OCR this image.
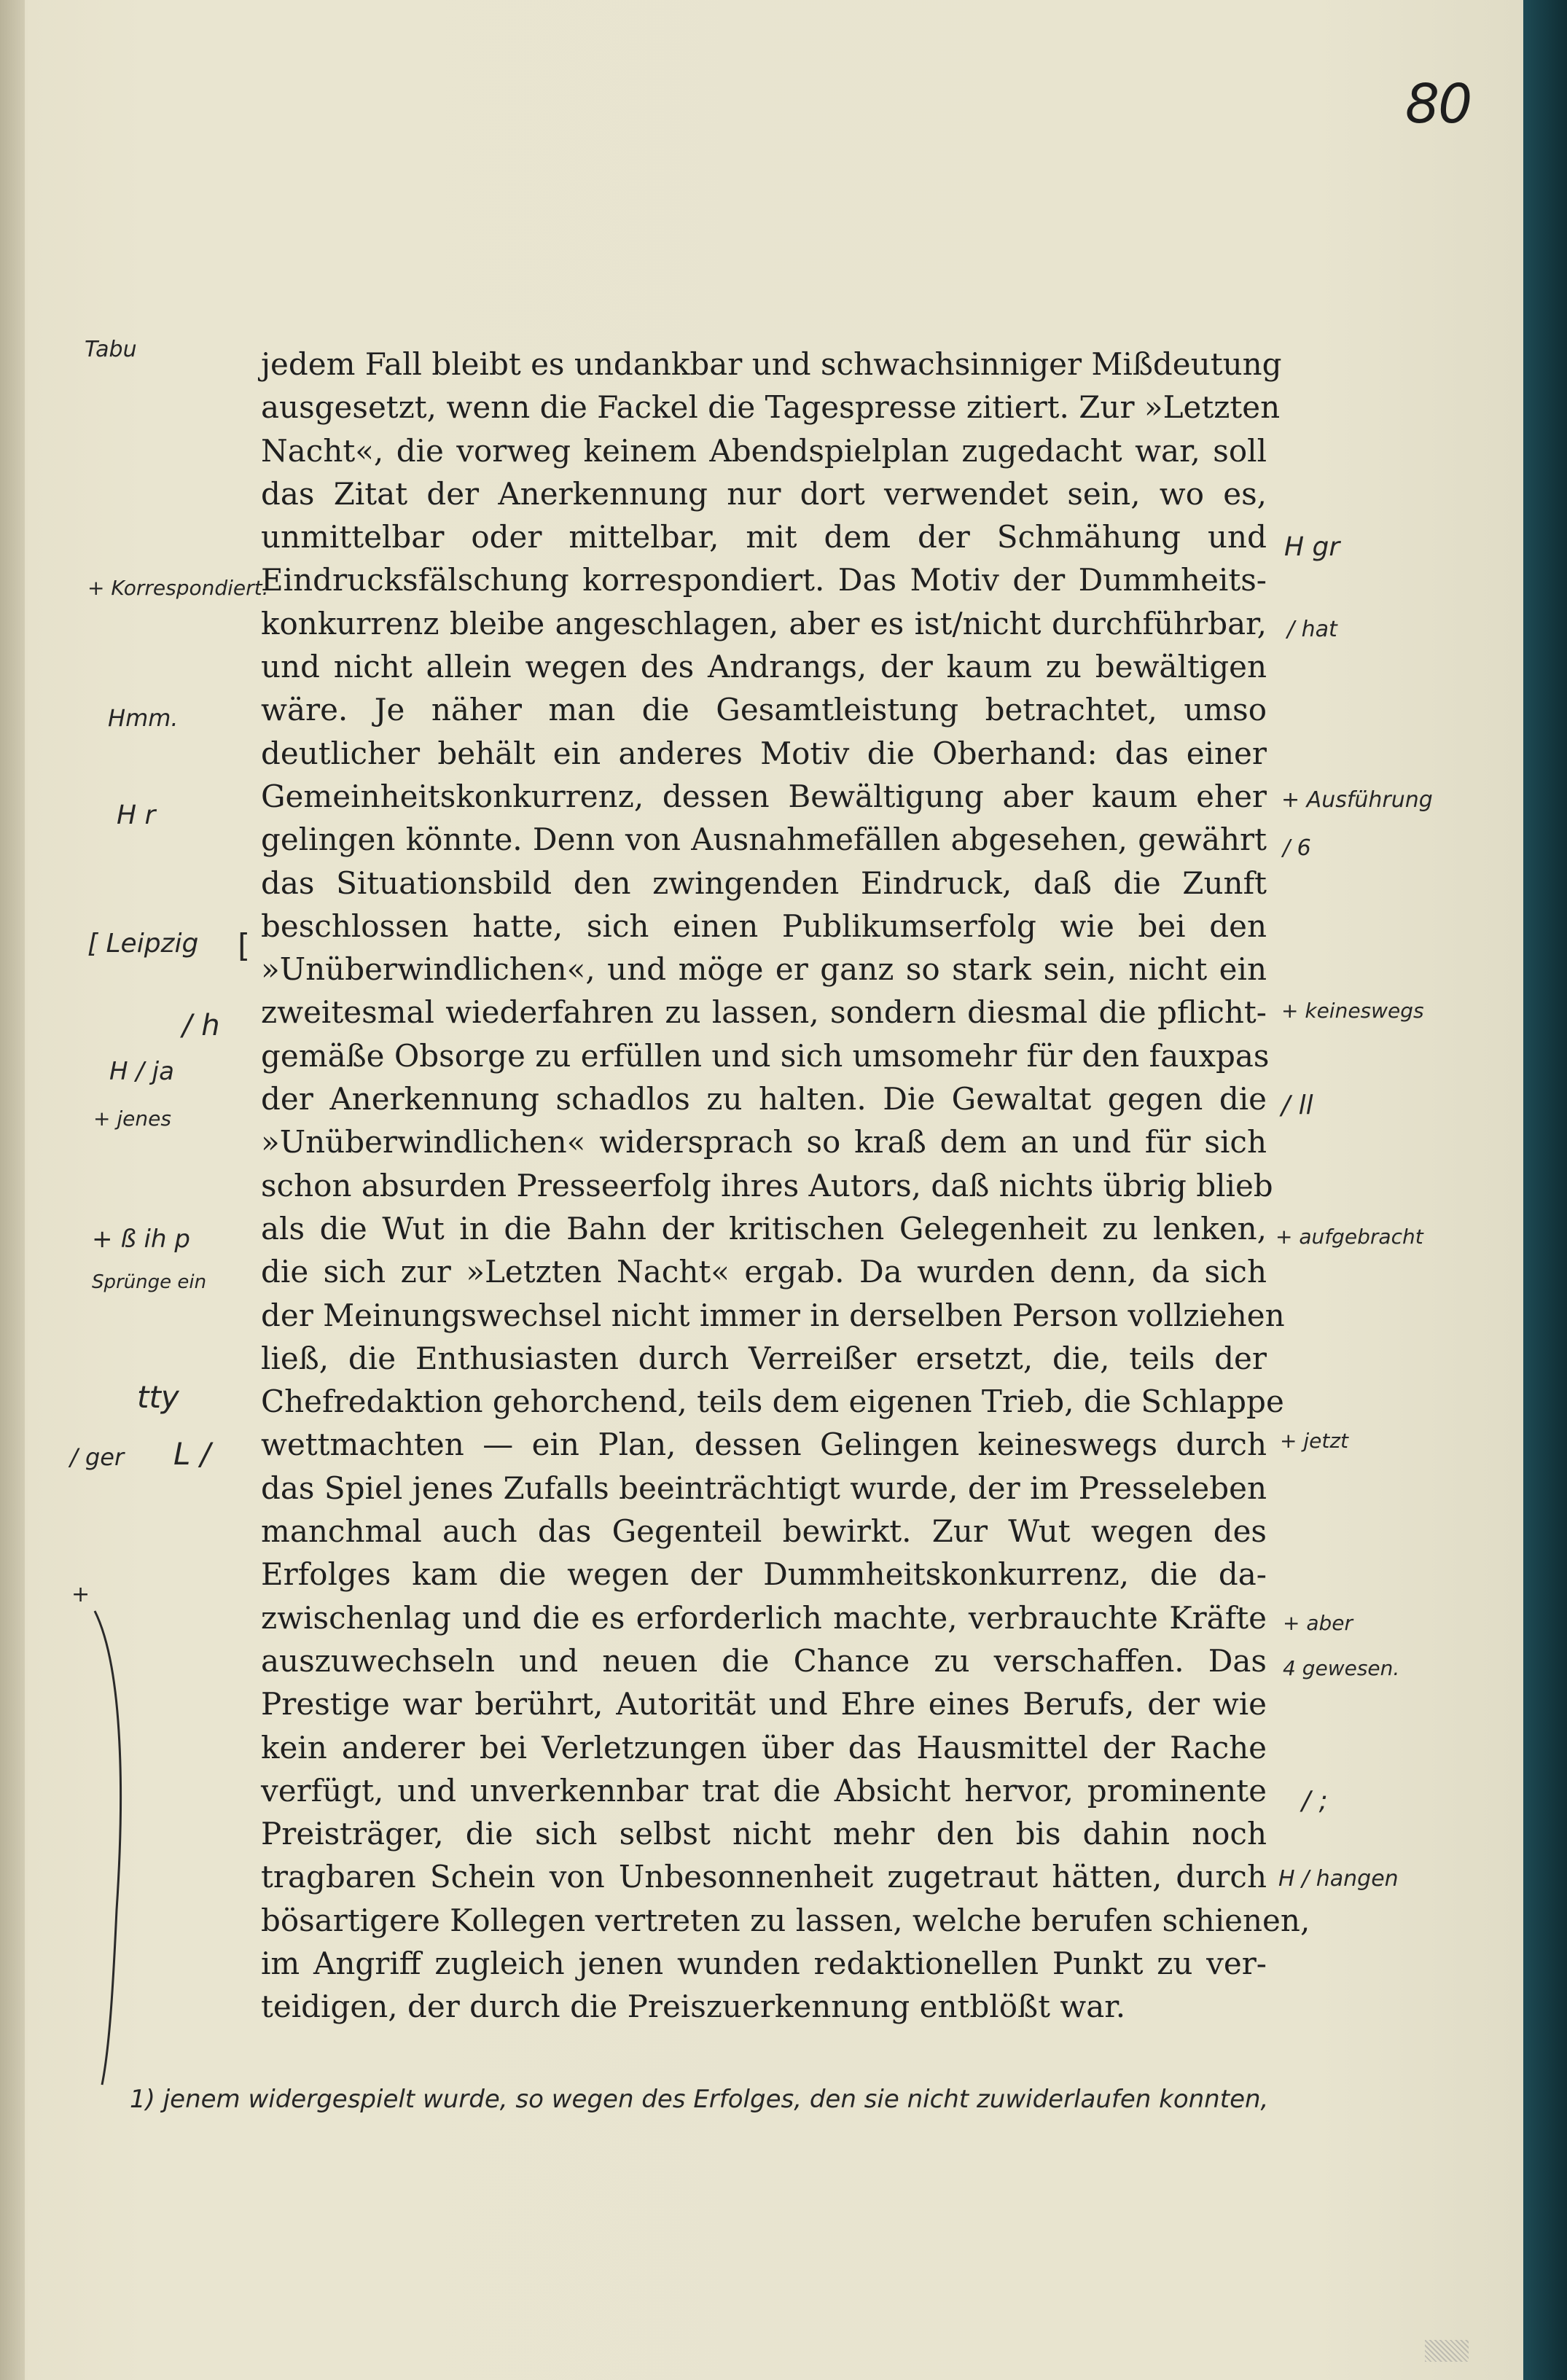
80
jedem Fall bleibt es undankbar und schwachsinniger Mißdeutung
ausgesetzt, wenn die Fackel die Tagespresse zitiert. Zur »Letzten
Nacht«, die vorweg keinem Abendspielplan zugedacht war, soll
das Zitat der Anerkennung nur dort verwendet sein, wo es,
unmittelbar oder mittelbar, mit dem der Schmähung und
Eindrucksfälschung korrespondiert. Das Motiv der Dummheits-
konkurrenz bleibe angeschlagen, aber es ist/nicht durchführbar,
und nicht allein wegen des Andrangs, der kaum zu bewältigen
wäre. Je näher man die Gesamtleistung betrachtet, umso
deutlicher behält ein anderes Motiv die Oberhand: das einer
Gemeinheitskonkurrenz, dessen Bewältigung aber kaum eher
gelingen könnte. Denn von Ausnahmefällen abgesehen, gewährt
das Situationsbild den zwingenden Eindruck, daß die Zunft
beschlossen hatte, sich einen Publikumserfolg wie bei den
»Unüberwindlichen«, und möge er ganz so stark sein, nicht ein
zweitesmal wiederfahren zu lassen, sondern diesmal die pflicht-
gemäße Obsorge zu erfüllen und sich umsomehr für den fauxpas
der Anerkennung schadlos zu halten. Die Gewaltat gegen die
»Unüberwindlichen« widersprach so kraß dem an und für sich
schon absurden Presseerfolg ihres Autors, daß nichts übrig blieb
als die Wut in die Bahn der kritischen Gelegenheit zu lenken,
die sich zur »Letzten Nacht« ergab. Da wurden denn, da sich
der Meinungswechsel nicht immer in derselben Person vollziehen
ließ, die Enthusiasten durch Verreißer ersetzt, die, teils der
Chefredaktion gehorchend, teils dem eigenen Trieb, die Schlappe
wettmachten — ein Plan, dessen Gelingen keineswegs durch
das Spiel jenes Zufalls beeinträchtigt wurde, der im Presseleben
manchmal auch das Gegenteil bewirkt. Zur Wut wegen des
Erfolges kam die wegen der Dummheitskonkurrenz, die da-
zwischenlag und die es erforderlich machte, verbrauchte Kräfte
auszuwechseln und neuen die Chance zu verschaffen. Das
Prestige war berührt, Autorität und Ehre eines Berufs, der wie
kein anderer bei Verletzungen über das Hausmittel der Rache
verfügt, und unverkennbar trat die Absicht hervor, prominente
Preisträger, die sich selbst nicht mehr den bis dahin noch
tragbaren Schein von Unbesonnenheit zugetraut hätten, durch
bösartigere Kollegen vertreten zu lassen, welche berufen schienen,
im Angriff zugleich jenen wunden redaktionellen Punkt zu ver-
teidigen, der durch die Preiszuerkennung entblößt war.
Tabu
+ Korrespondiert.
Hmm.
H r
[ Leipzig [
/ h
H / ja
+ jenes
+ ß ih p
Sprünge ein
tty
/ ger L /
+
H gr
/ hat
+ Ausführung
/ 6
+ keineswegs
/ ll
+ aufgebracht
+ jetzt
+ aber
4 gewesen.
/ ;
H / hangen
1) jenem widergespielt wurde, so wegen des Erfolges, den sie nicht zuwiderlaufen konnten,
